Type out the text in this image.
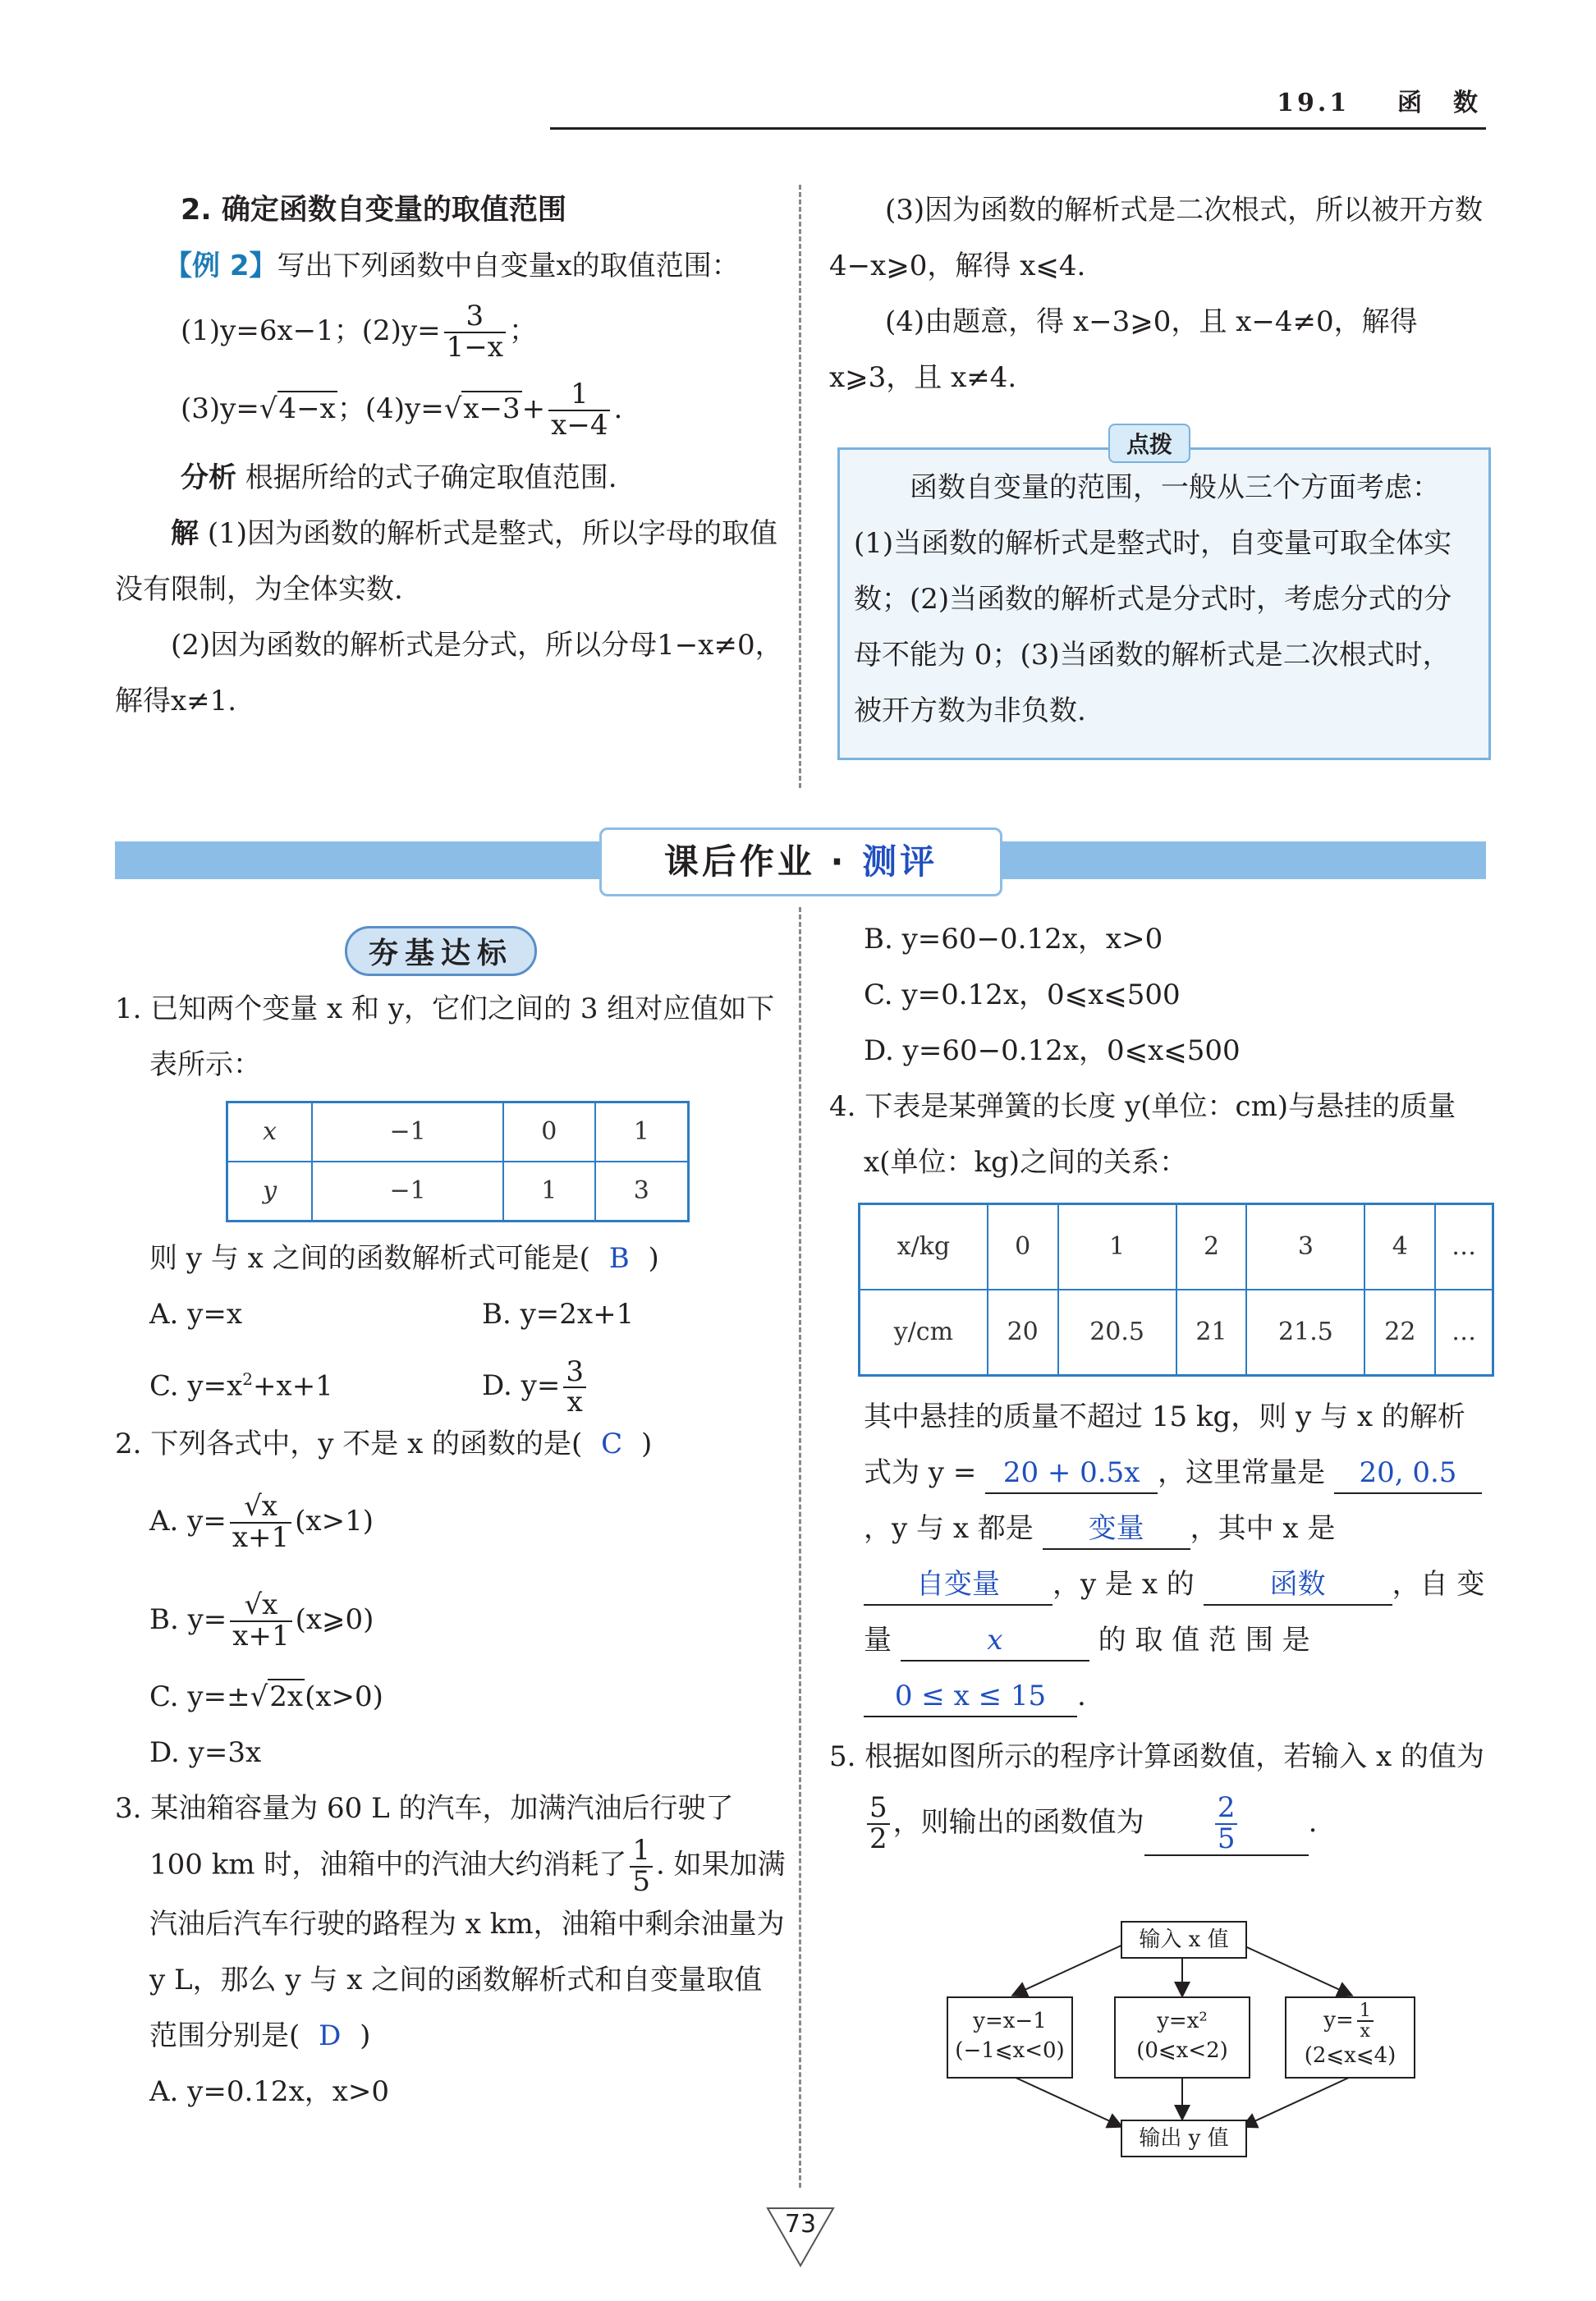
19.1 函　数
2. 确定函数自变量的取值范围
【例 2】写出下列函数中自变量x的取值范围：
(1)y=6x−1；$(2)y= \frac{3}{1-x}$ ；
(3)y=√4−x；$(4)y=√x-3+ \frac{1}{x-4}$ .
分析 根据所给的式子确定取值范围.
解 (1)因为函数的解析式是整式，所以字母的取值没有限制，为全体实数.
(2)因为函数的解析式是分式，所以分母1−x≠0，解得x≠1.
(3)因为函数的解析式是二次根式，所以被开方数 4−x⩾0，解得 x⩽4.
(4)由题意，得 x−3⩾0，且 x−4≠0，解得x⩾3，且 x≠4.
点拨
函数自变量的范围，一般从三个方面考虑：(1)当函数的解析式是整式时，自变量可取全体实数；(2)当函数的解析式是分式时，考虑分式的分母不能为 0；(3)当函数的解析式是二次根式时，被开方数为非负数.
课后作业 · 测评
夯基达标
1. 已知两个变量 x 和 y，它们之间的 3 组对应值如下表所示：
x	−1	0	1
y	−1	1	3
则 y 与 x 之间的函数解析式可能是( B )
A. y=x	B. y=2x+1
C. $y=x^2+x+1$	D. $y= \frac{3}{x}$
2. 下列各式中，y 不是 x 的函数的是( C )
A. $y= \frac{√x}{x+1} (x>1)$
B. $y= \frac{√x}{x+1}$ (x⩾0)
C. y=±√2x(x>0)
D. y=3x
3. 某油箱容量为 60 L 的汽车，加满汽油后行驶了 100 km 时，油箱中的汽油大约消耗了 $\frac{1}{5}$ . 如果加满汽油后汽车行驶的路程为 x km，油箱中剩余油量为 y L，那么 y 与 x 之间的函数解析式和自变量取值范围分别是( D )
A. y=0.12x，x>0
B. y=60−0.12x，x>0
C. y=0.12x，0⩽x⩽500
D. y=60−0.12x，0⩽x⩽500
4. 下表是某弹簧的长度 y(单位：cm)与悬挂的质量x(单位：kg)之间的关系：
x/kg	0	1	2	3	4	…
y/cm	20	20.5	21	21.5	22	…
其中悬挂的质量不超过 15 kg，则 y 与 x 的解析式为 y = 20 + 0.5x ，这里常量是 20, 0.5，y 与 x 都是 变量 ，其中 x 是 自变量 ，y 是 x 的	函数 ，自 变 量	x	的 取 值 范 围 是 0 ≤ x ≤ 15 .
5. 根据如图所示的程序计算函数值，若输入 x 的值为
$\frac{5}{2}$ ，则输出的函数值为	$\frac{2}{5}$	.
输入 x 值
y=x−1
(−1⩽x<0)
y=x²
(0⩽x<2)
$y= \frac{1}{x}$
(2⩽x⩽4)
输出 y 值
73
